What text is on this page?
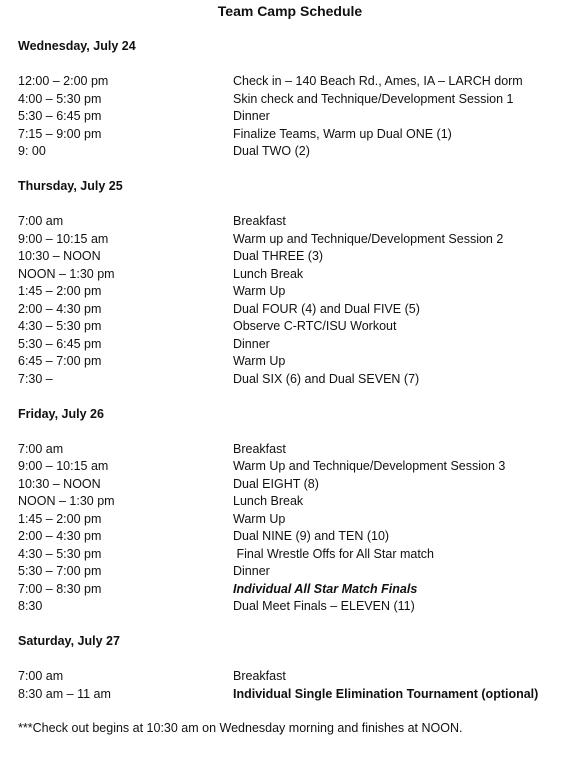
Team Camp Schedule
Wednesday, July 24
12:00 – 2:00 pm	Check in – 140 Beach Rd., Ames, IA – LARCH dorm
4:00 – 5:30 pm	Skin check and Technique/Development Session 1
5:30 – 6:45 pm	Dinner
7:15 – 9:00 pm	Finalize Teams, Warm up Dual ONE (1)
9: 00	Dual TWO (2)
Thursday, July 25
7:00 am	Breakfast
9:00 – 10:15 am	Warm up and Technique/Development Session 2
10:30 – NOON	Dual THREE (3)
NOON – 1:30 pm	Lunch Break
1:45 – 2:00 pm	Warm Up
2:00 – 4:30 pm	Dual FOUR (4) and Dual FIVE (5)
4:30 – 5:30 pm	Observe C-RTC/ISU Workout
5:30 – 6:45 pm	Dinner
6:45 – 7:00 pm	Warm Up
7:30 –	Dual SIX (6) and Dual SEVEN (7)
Friday, July 26
7:00 am	Breakfast
9:00 – 10:15 am	Warm Up and Technique/Development Session 3
10:30 – NOON	Dual EIGHT (8)
NOON – 1:30 pm	Lunch Break
1:45 – 2:00 pm	Warm Up
2:00 – 4:30 pm	Dual NINE (9) and TEN (10)
4:30 – 5:30 pm	Final Wrestle Offs for All Star match
5:30 – 7:00 pm	Dinner
7:00 – 8:30 pm	Individual All Star Match Finals
8:30	Dual Meet Finals – ELEVEN (11)
Saturday, July 27
7:00 am	Breakfast
8:30 am – 11 am	Individual Single Elimination Tournament (optional)
***Check out begins at 10:30 am on Wednesday morning and finishes at NOON.
